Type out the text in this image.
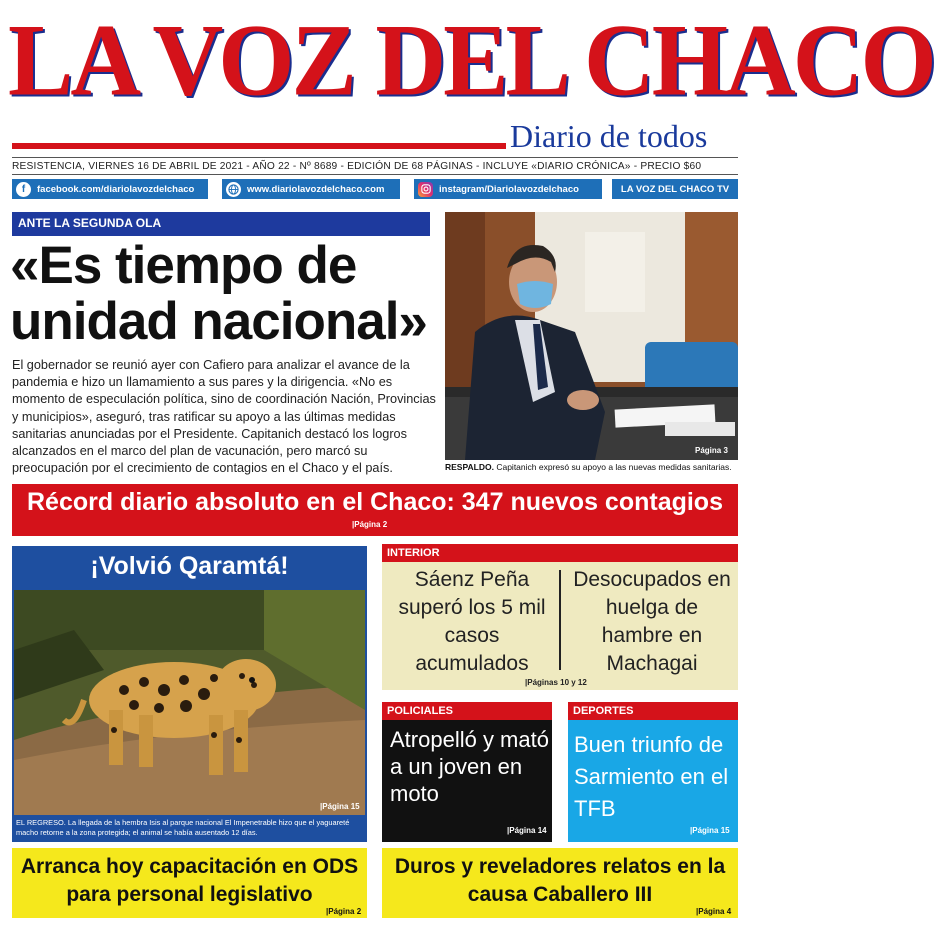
LA VOZ DEL CHACO
Diario de todos
RESISTENCIA, VIERNES 16 DE ABRIL DE 2021 - AÑO 22 - Nº 8689 - EDICIÓN DE 68 PÁGINAS - INCLUYE «DIARIO CRÓNICA» - PRECIO $60
f	facebook.com/diariolavozdelchaco	www.diariolavozdelchaco.com	instagram/Diariolavozdelchaco	LA VOZ DEL CHACO TV
ANTE LA SEGUNDA OLA
«Es tiempo de unidad nacional»
El gobernador se reunió ayer con Cafiero para analizar el avance de la pandemia e hizo un llamamiento a sus pares y la dirigencia. «No es momento de especulación política, sino de coordinación Nación, Provincias y municipios», aseguró, tras ratificar su apoyo a las últimas medidas sanitarias anunciadas por el Presidente. Capitanich destacó los logros alcanzados en el marco del plan de vacunación, pero marcó su preocupación por el crecimiento de contagios en el Chaco y el país.
Página 3
RESPALDO. Capitanich expresó su apoyo a las nuevas medidas sanitarias.
Récord diario absoluto en el Chaco: 347 nuevos contagios
|Página 2
¡Volvió Qaramtá!
|Página 15
EL REGRESO. La llegada de la hembra Isis al parque nacional El Impenetrable hizo que el yaguareté macho retorne a la zona protegida; el animal se había ausentado 12 días.
INTERIOR
Sáenz Peña superó los 5 mil casos acumulados
Desocupados en huelga de hambre en Machagai
|Páginas 10 y 12
POLICIALES
Atropelló y mató a un joven en moto
|Página 14
DEPORTES
Buen triunfo de Sarmiento en el TFB
|Página 15
Arranca hoy capacitación en ODS para personal legislativo
|Página 2
Duros y reveladores relatos en la causa Caballero III
|Página 4
